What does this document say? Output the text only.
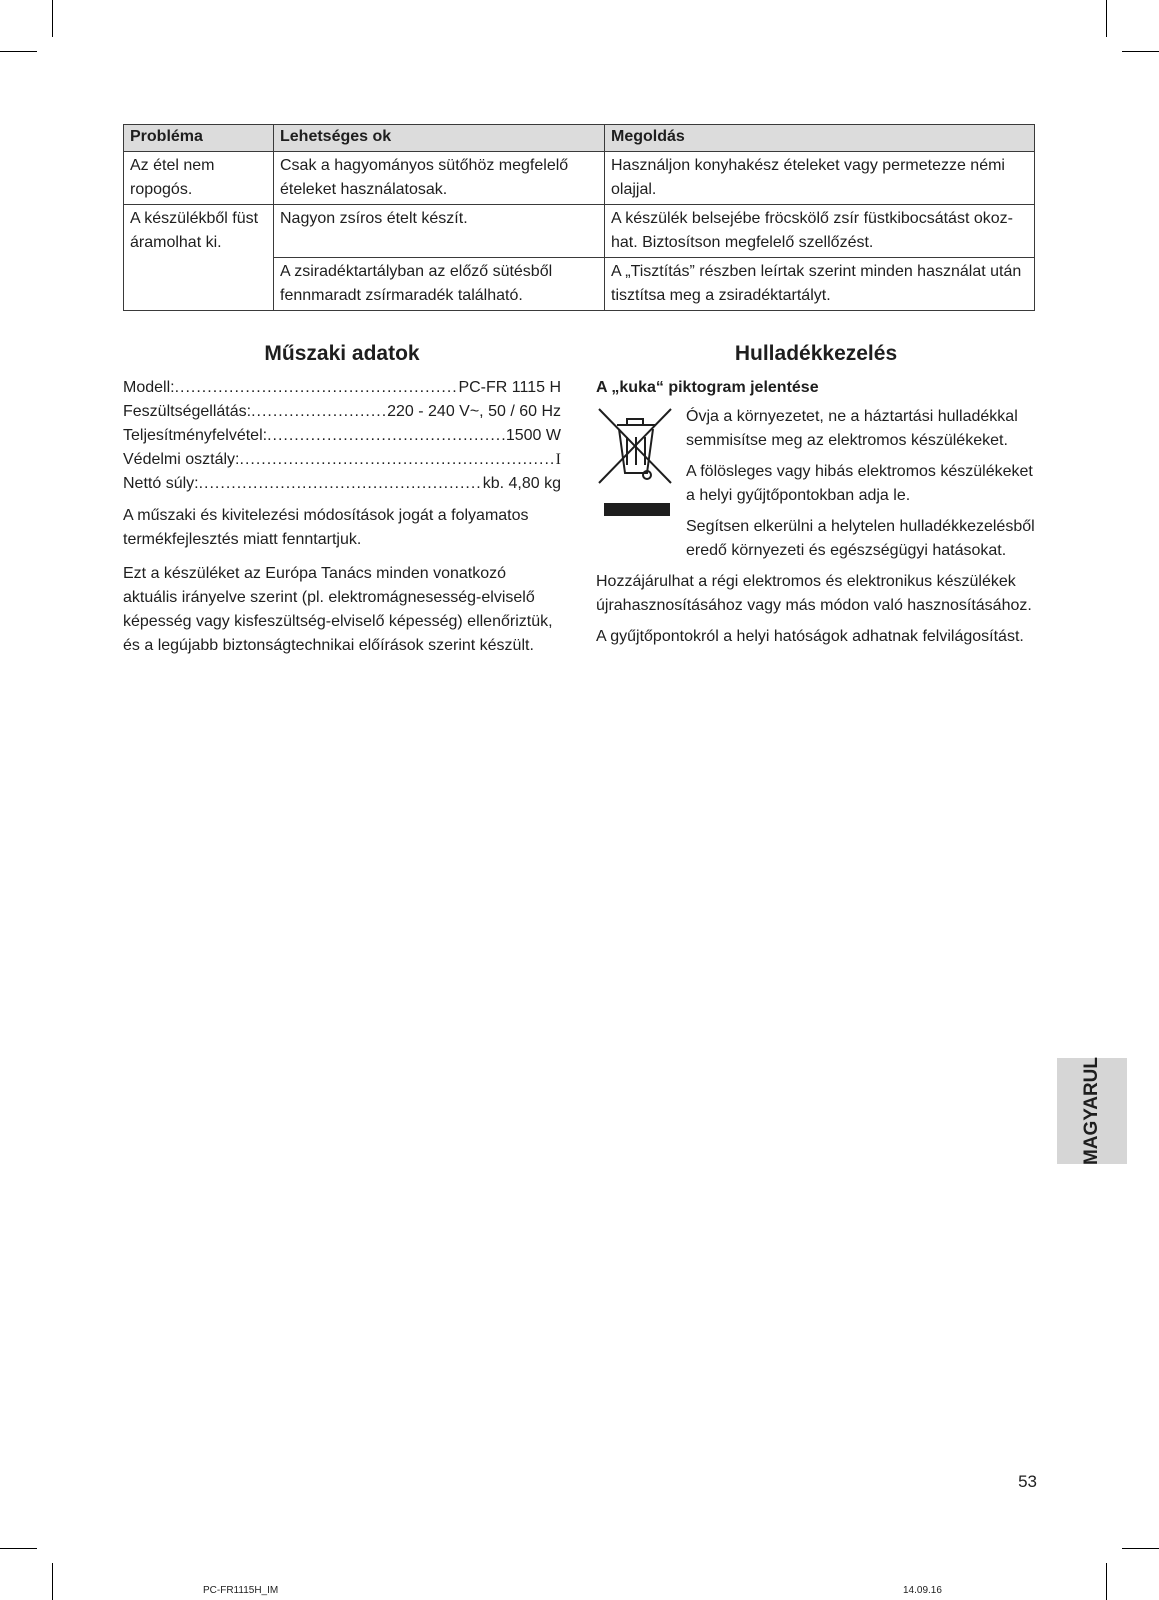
Probléma	Lehetséges ok	Megoldás
Az étel nem ropogós.	Csak a hagyományos sütőhöz megfelelő ételeket használatosak.	Használjon konyhakész ételeket vagy permetezze némi olajjal.
A készülékből füst áramolhat ki.	Nagyon zsíros ételt készít.	A készülék belsejébe fröcskölő zsír füstkibocsátást okoz-hat. Biztosítson megfelelő szellőzést.
	A zsiradéktartályban az előző sütésből fennmaradt zsírmaradék található.	A „Tisztítás” részben leírtak szerint minden használat után tisztítsa meg a zsiradéktartályt.
Műszaki adatok
Modell: .....	PC-FR 1115 H
Feszültségellátás: .....	220 - 240 V~, 50 / 60 Hz
Teljesítményfelvétel: .....	1500 W
Védelmi osztály: .....	I
Nettó súly: .....	kb. 4,80 kg

A műszaki és kivitelezési módosítások jogát a folyamatos termékfejlesztés miatt fenntartjuk.

Ezt a készüléket az Európa Tanács minden vonatkozó aktuális irányelve szerint (pl. elektromágnesesség-elviselő képesség vagy kisfeszültség-elviselő képesség) ellenőriztük, és a legújabb biztonságtechnikai előírások szerint készült.

Hulladékkezelés

A „kuka“ piktogram jelentése

Óvja a környezetet, ne a háztartási hulladékkal semmisítse meg az elektromos készülékeket.

A fölösleges vagy hibás elektromos készülékeket a helyi gyűjtőpontokban adja le.

Segítsen elkerülni a helytelen hulladékkezelésből eredő környezeti és egészségügyi hatásokat.

Hozzájárulhat a régi elektromos és elektronikus készülékek újrahasznosításához vagy más módon való hasznosításához.

A gyűjtőpontokról a helyi hatóságok adhatnak felvilágosítást.

MAGYARUL
53
PC-FR1115H_IM	14.09.16
